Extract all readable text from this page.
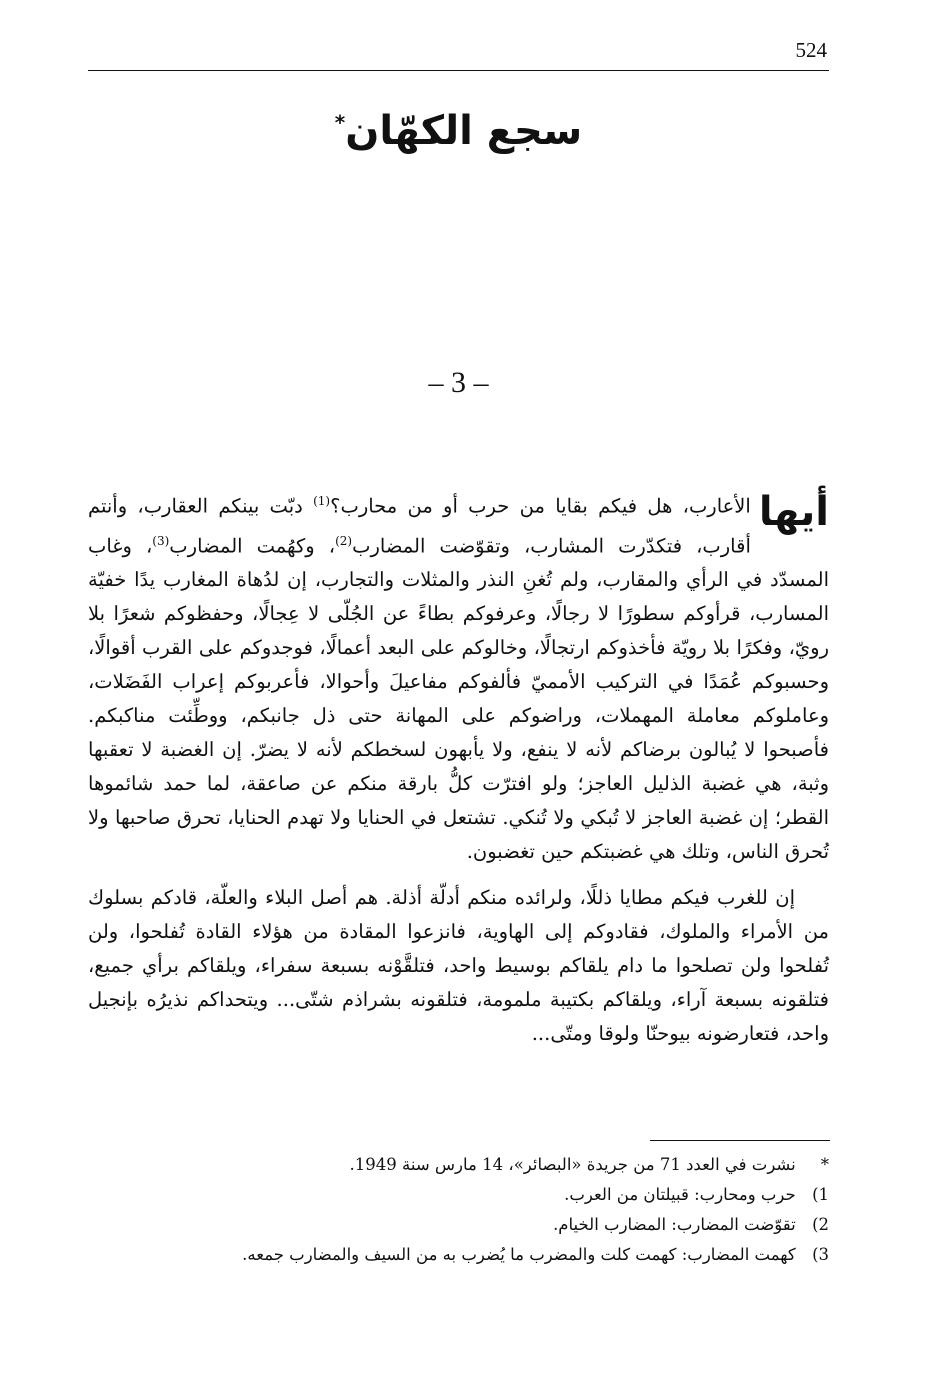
524
سجع الكهّان*
– 3 –

أيها
الأعارب، هل فيكم بقايا من حرب أو من محارب؟$^{(1)}$ دبّت بينكم العقارب، وأنتم أقارب، فتكدّرت المشارب، وتقوّضت المضارب$^{(2)}$، وكهُمت المضارب$^{(3)}$، وغاب المسدّد في الرأي والمقارب، ولم تُغنِ النذر والمثلات والتجارب، إن لدُهاة المغارب يدًا خفيّة المسارب، قرأوكم سطورًا لا رجالًا، وعرفوكم بطاءً عن الجُلّى لا عِجالًا، وحفظوكم شعرًا بلا رويّ، وفكرًا بلا رويّة فأخذوكم ارتجالًا، وخالوكم على البعد أعمالًا، فوجدوكم على القرب أقوالًا، وحسبوكم عُمَدًا في التركيب الأمميّ فألفوكم مفاعيلَ وأحوالا، فأعربوكم إعراب الفَضَلات، وعاملوكم معاملة المهملات، وراضوكم على المهانة حتى ذل جانبكم، ووطِّئت مناكبكم. فأصبحوا لا يُبالون برضاكم لأنه لا ينفع، ولا يأبهون لسخطكم لأنه لا يضرّ. إن الغضبة لا تعقبها وثبة، هي غضبة الذليل العاجز؛ ولو افترّت كلُّ بارقة منكم عن صاعقة، لما حمد شائموها القطر؛ إن غضبة العاجز لا تُبكي ولا تُنكي. تشتعل في الحنايا ولا تهدم الحنايا، تحرق صاحبها ولا تُحرق الناس، وتلك هي غضبتكم حين تغضبون.

إن للغرب فيكم مطايا ذللًا، ولرائده منكم أدلّة أذلة. هم أصل البلاء والعلّة، قادكم بسلوك من الأمراء والملوك، فقادوكم إلى الهاوية، فانزعوا المقادة من هؤلاء القادة تُفلحوا، ولن تُفلحوا ولن تصلحوا ما دام يلقاكم بوسيط واحد، فتلقَّوْنه بسبعة سفراء، ويلقاكم برأي جميع، فتلقونه بسبعة آراء، ويلقاكم بكتيبة ملمومة، فتلقونه بشراذم شتّى... ويتحداكم نذيرُه بإنجيل واحد، فتعارضونه بيوحنّا ولوقا ومتّى...

* نشرت في العدد 71 من جريدة «البصائر»، 14 مارس سنة 1949.
1) حرب ومحارب: قبيلتان من العرب.
2) تقوّضت المضارب: المضارب الخيام.
3) كهمت المضارب: كهمت كلت والمضرب ما يُضرب به من السيف والمضارب جمعه.
